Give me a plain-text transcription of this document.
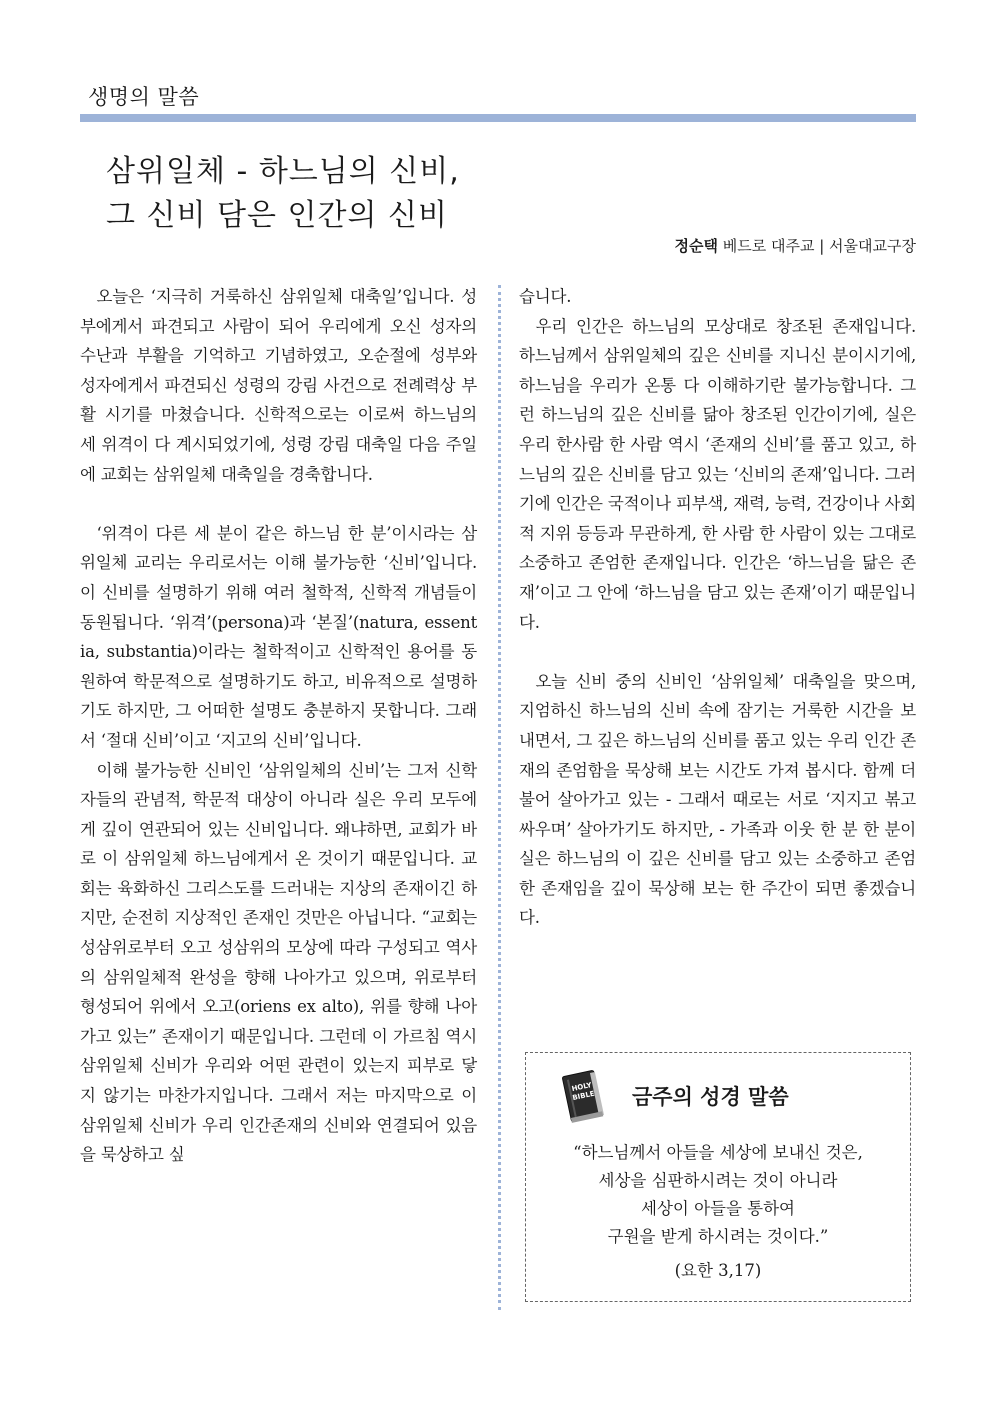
생명의 말씀
삼위일체 - 하느님의 신비,
그 신비 담은 인간의 신비
정순택 베드로 대주교 | 서울대교구장

오늘은 ‘지극히 거룩하신 삼위일체 대축일’입니다. 성부에게서 파견되고 사람이 되어 우리에게 오신 성자의 수난과 부활을 기억하고 기념하였고, 오순절에 성부와 성자에게서 파견되신 성령의 강림 사건으로 전례력상 부활 시기를 마쳤습니다. 신학적으로는 이로써 하느님의 세 위격이 다 계시되었기에, 성령 강림 대축일 다음 주일에 교회는 삼위일체 대축일을 경축합니다.

‘위격이 다른 세 분이 같은 하느님 한 분’이시라는 삼위일체 교리는 우리로서는 이해 불가능한 ‘신비’입니다. 이 신비를 설명하기 위해 여러 철학적, 신학적 개념들이 동원됩니다. ‘위격’(persona)과 ‘본질’(natura, essentia, substantia)이라는 철학적이고 신학적인 용어를 동원하여 학문적으로 설명하기도 하고, 비유적으로 설명하기도 하지만, 그 어떠한 설명도 충분하지 못합니다. 그래서 ‘절대 신비’이고 ‘지고의 신비’입니다.

이해 불가능한 신비인 ‘삼위일체의 신비’는 그저 신학자들의 관념적, 학문적 대상이 아니라 실은 우리 모두에게 깊이 연관되어 있는 신비입니다. 왜냐하면, 교회가 바로 이 삼위일체 하느님에게서 온 것이기 때문입니다. 교회는 육화하신 그리스도를 드러내는 지상의 존재이긴 하지만, 순전히 지상적인 존재인 것만은 아닙니다. “교회는 성삼위로부터 오고 성삼위의 모상에 따라 구성되고 역사의 삼위일체적 완성을 향해 나아가고 있으며, 위로부터 형성되어 위에서 오고(oriens ex alto), 위를 향해 나아가고 있는” 존재이기 때문입니다. 그런데 이 가르침 역시 삼위일체 신비가 우리와 어떤 관련이 있는지 피부로 닿지 않기는 마찬가지입니다. 그래서 저는 마지막으로 이 삼위일체 신비가 우리 인간존재의 신비와 연결되어 있음을 묵상하고 싶

습니다.

우리 인간은 하느님의 모상대로 창조된 존재입니다. 하느님께서 삼위일체의 깊은 신비를 지니신 분이시기에, 하느님을 우리가 온통 다 이해하기란 불가능합니다. 그런 하느님의 깊은 신비를 닮아 창조된 인간이기에, 실은 우리 한사람 한 사람 역시 ‘존재의 신비’를 품고 있고, 하느님의 깊은 신비를 담고 있는 ‘신비의 존재’입니다. 그러기에 인간은 국적이나 피부색, 재력, 능력, 건강이나 사회적 지위 등등과 무관하게, 한 사람 한 사람이 있는 그대로 소중하고 존엄한 존재입니다. 인간은 ‘하느님을 닮은 존재’이고 그 안에 ‘하느님을 담고 있는 존재’이기 때문입니다.

오늘 신비 중의 신비인 ‘삼위일체’ 대축일을 맞으며, 지엄하신 하느님의 신비 속에 잠기는 거룩한 시간을 보내면서, 그 깊은 하느님의 신비를 품고 있는 우리 인간 존재의 존엄함을 묵상해 보는 시간도 가져 봅시다. 함께 더불어 살아가고 있는 - 그래서 때로는 서로 ‘지지고 볶고 싸우며’ 살아가기도 하지만, - 가족과 이웃 한 분 한 분이 실은 하느님의 이 깊은 신비를 담고 있는 소중하고 존엄한 존재임을 깊이 묵상해 보는 한 주간이 되면 좋겠습니다.

HOLY
BIBLE 금주의 성경 말씀
“하느님께서 아들을 세상에 보내신 것은,
세상을 심판하시려는 것이 아니라
세상이 아들을 통하여
구원을 받게 하시려는 것이다.”
(요한 3,17)
